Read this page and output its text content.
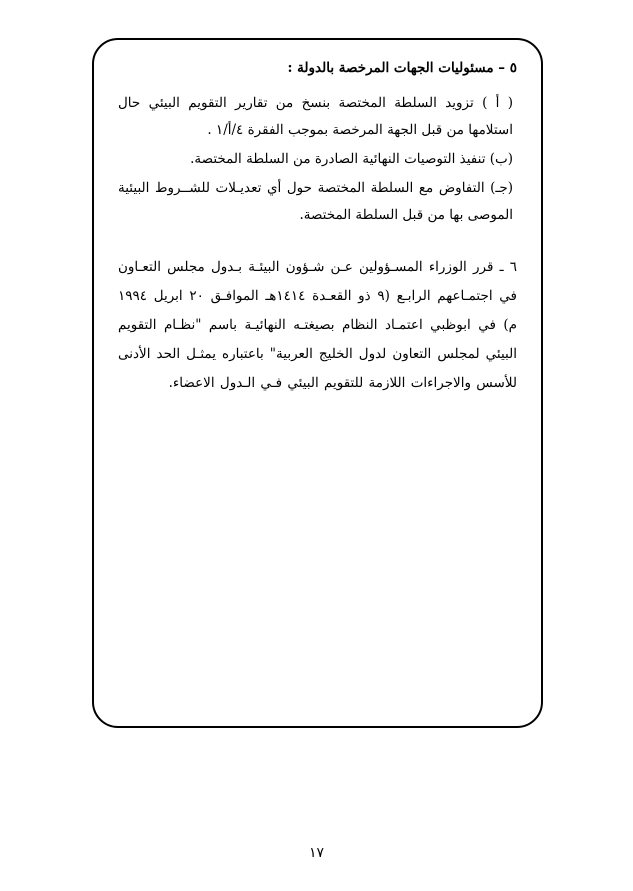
٥ – مسئوليات الجهات المرخصة بالدولة :

( أ ) تزويد السلطة المختصة بنسخ من تقارير التقويم البيئي حال استلامها من قبل الجهة المرخصة بموجب الفقرة ٤/أ/١ .

(ب) تنفيذ التوصيات النهائية الصادرة من السلطة المختصة.

(جـ) التفاوض مع السلطة المختصة حول أي تعديـلات للشــروط البيئية الموصى بها من قبل السلطة المختصة.

٦ ـ قرر الوزراء المسـؤولين عـن شـؤون البيئـة بـدول مجلس التعـاون في اجتمـاعهم الرابـع (٩ ذو القعـدة ١٤١٤هـ الموافـق ٢٠ ابريل ١٩٩٤ م) في ابوظبي اعتمـاد النظام بصيغتـه النهائيـة باسم "نظـام التقويم البيئي لمجلس التعاون لدول الخليج العربية" باعتباره يمثـل الحد الأدنى للأسس والاجراءات اللازمة للتقويم البيئي فـي الـدول الاعضاء.

١٧
